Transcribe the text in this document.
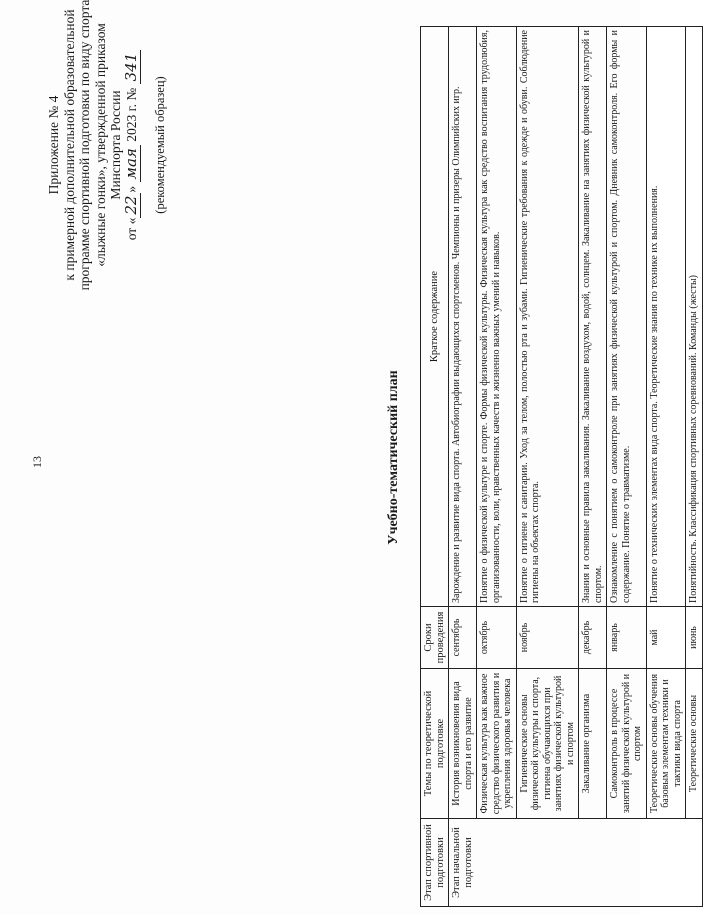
13
Приложение № 4 к примерной дополнительной образовательной программе спортивной подготовки по виду спорта «лыжные гонки», утвержденной приказом Минспорта России
от «22» мая 2023 г. № 341
(рекомендуемый образец)
Учебно-тематический план
Этап спортивной подготовки	Темы по теоретической подготовке	Сроки проведения	Краткое содержание
Этап начальной подготовки	История возникновения вида спорта и его развитие	сентябрь	Зарождение и развитие вида спорта. Автобиографии выдающихся спортсменов. Чемпионы и призеры Олимпийских игр.
	Физическая культура как важное средство физического развития и укрепления здоровья человека	октябрь	Понятие о физической культуре и спорте. Формы физической культуры. Физическая культура как средство воспитания трудолюбия, организованности, воли, нравственных качеств и жизненно важных умений и навыков.
	Гигиенические основы физической культуры и спорта, гигиена обучающихся при занятиях физической культурой и спортом	ноябрь	Понятие о гигиене и санитарии. Уход за телом, полостью рта и зубами. Гигиенические требования к одежде и обуви. Соблюдение гигиены на объектах спорта.
	Закаливание организма	декабрь	Знания и основные правила закаливания. Закаливание воздухом, водой, солнцем. Закаливание на занятиях физической культурой и спортом.
	Самоконтроль в процессе занятий физической культурой и спортом	январь	Ознакомление с понятием о самоконтроле при занятиях физической культурой и спортом. Дневник самоконтроля. Его формы и содержание. Понятие о травматизме.
	Теоретические основы обучения базовым элементам техники и тактики вида спорта	май	Понятие о технических элементах вида спорта. Теоретические знания по технике их выполнения.
	Теоретические основы	июнь	Понятийность. Классификация спортивных соревнований. Команды (жесты)
